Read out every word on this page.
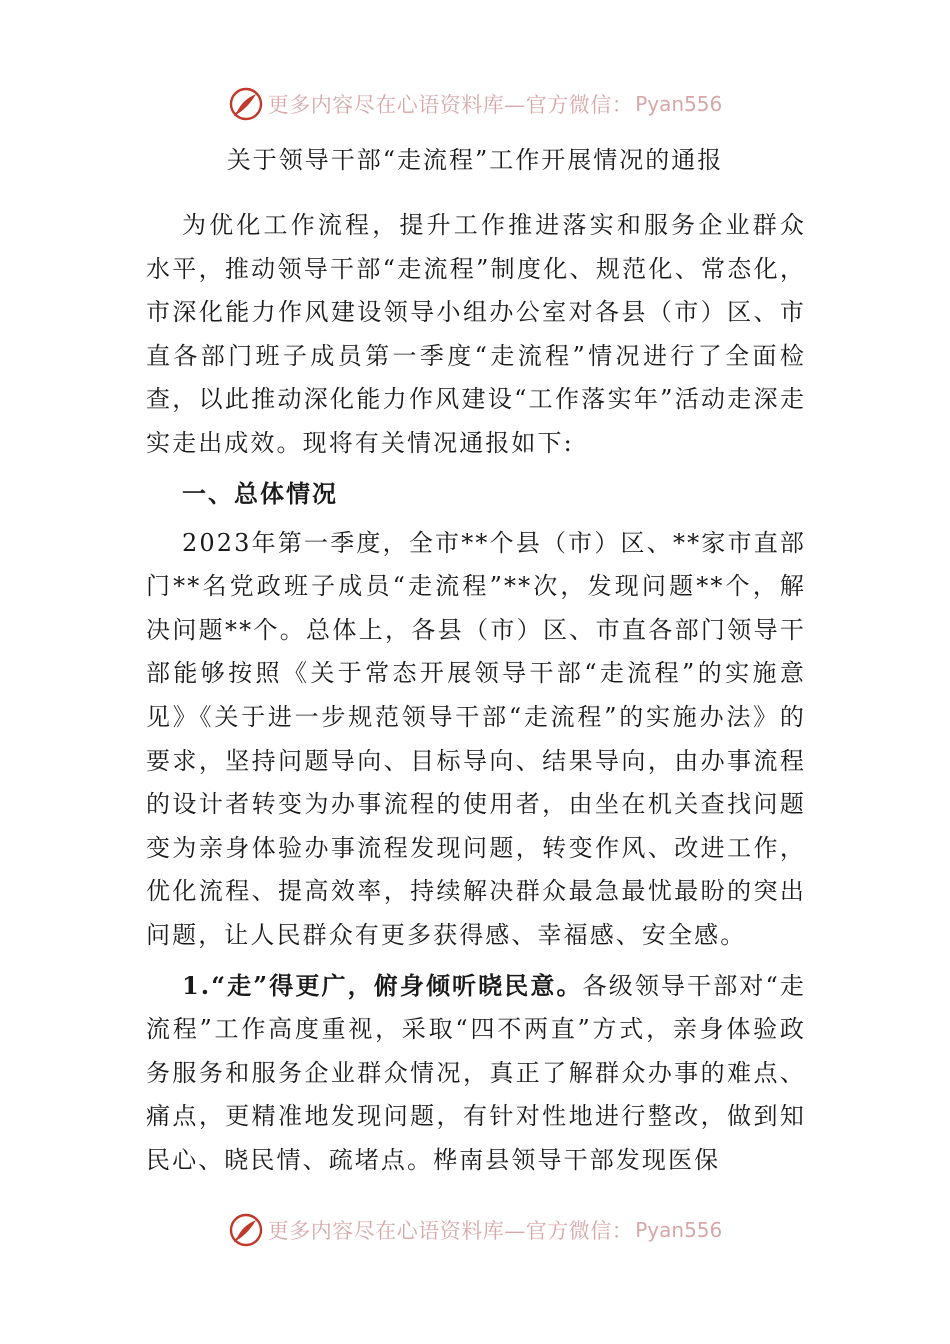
更多内容尽在心语资料库—官方微信： Pyan556
关于领导干部“走流程”工作开展情况的通报

为优化工作流程，提升工作推进落实和服务企业群众水平，推动领导干部“走流程”制度化、规范化、常态化，市深化能力作风建设领导小组办公室对各县（市）区、市直各部门班子成员第一季度“走流程”情况进行了全面检查，以此推动深化能力作风建设“工作落实年”活动走深走实走出成效。现将有关情况通报如下:

一、总体情况

2023年第一季度，全市**个县（市）区、**家市直部门**名党政班子成员“走流程”**次，发现问题**个，解决问题**个。总体上，各县（市）区、市直各部门领导干部能够按照《关于常态开展领导干部“走流程”的实施意见》《关于进一步规范领导干部“走流程”的实施办法》的要求，坚持问题导向、目标导向、结果导向，由办事流程的设计者转变为办事流程的使用者，由坐在机关查找问题变为亲身体验办事流程发现问题，转变作风、改进工作，优化流程、提高效率，持续解决群众最急最忧最盼的突出问题，让人民群众有更多获得感、幸福感、安全感。

1.“走”得更广，俯身倾听晓民意。各级领导干部对“走流程”工作高度重视，采取“四不两直”方式，亲身体验政务服务和服务企业群众情况，真正了解群众办事的难点、痛点，更精准地发现问题，有针对性地进行整改，做到知民心、晓民情、疏堵点。桦南县领导干部发现医保

更多内容尽在心语资料库—官方微信： Pyan556
